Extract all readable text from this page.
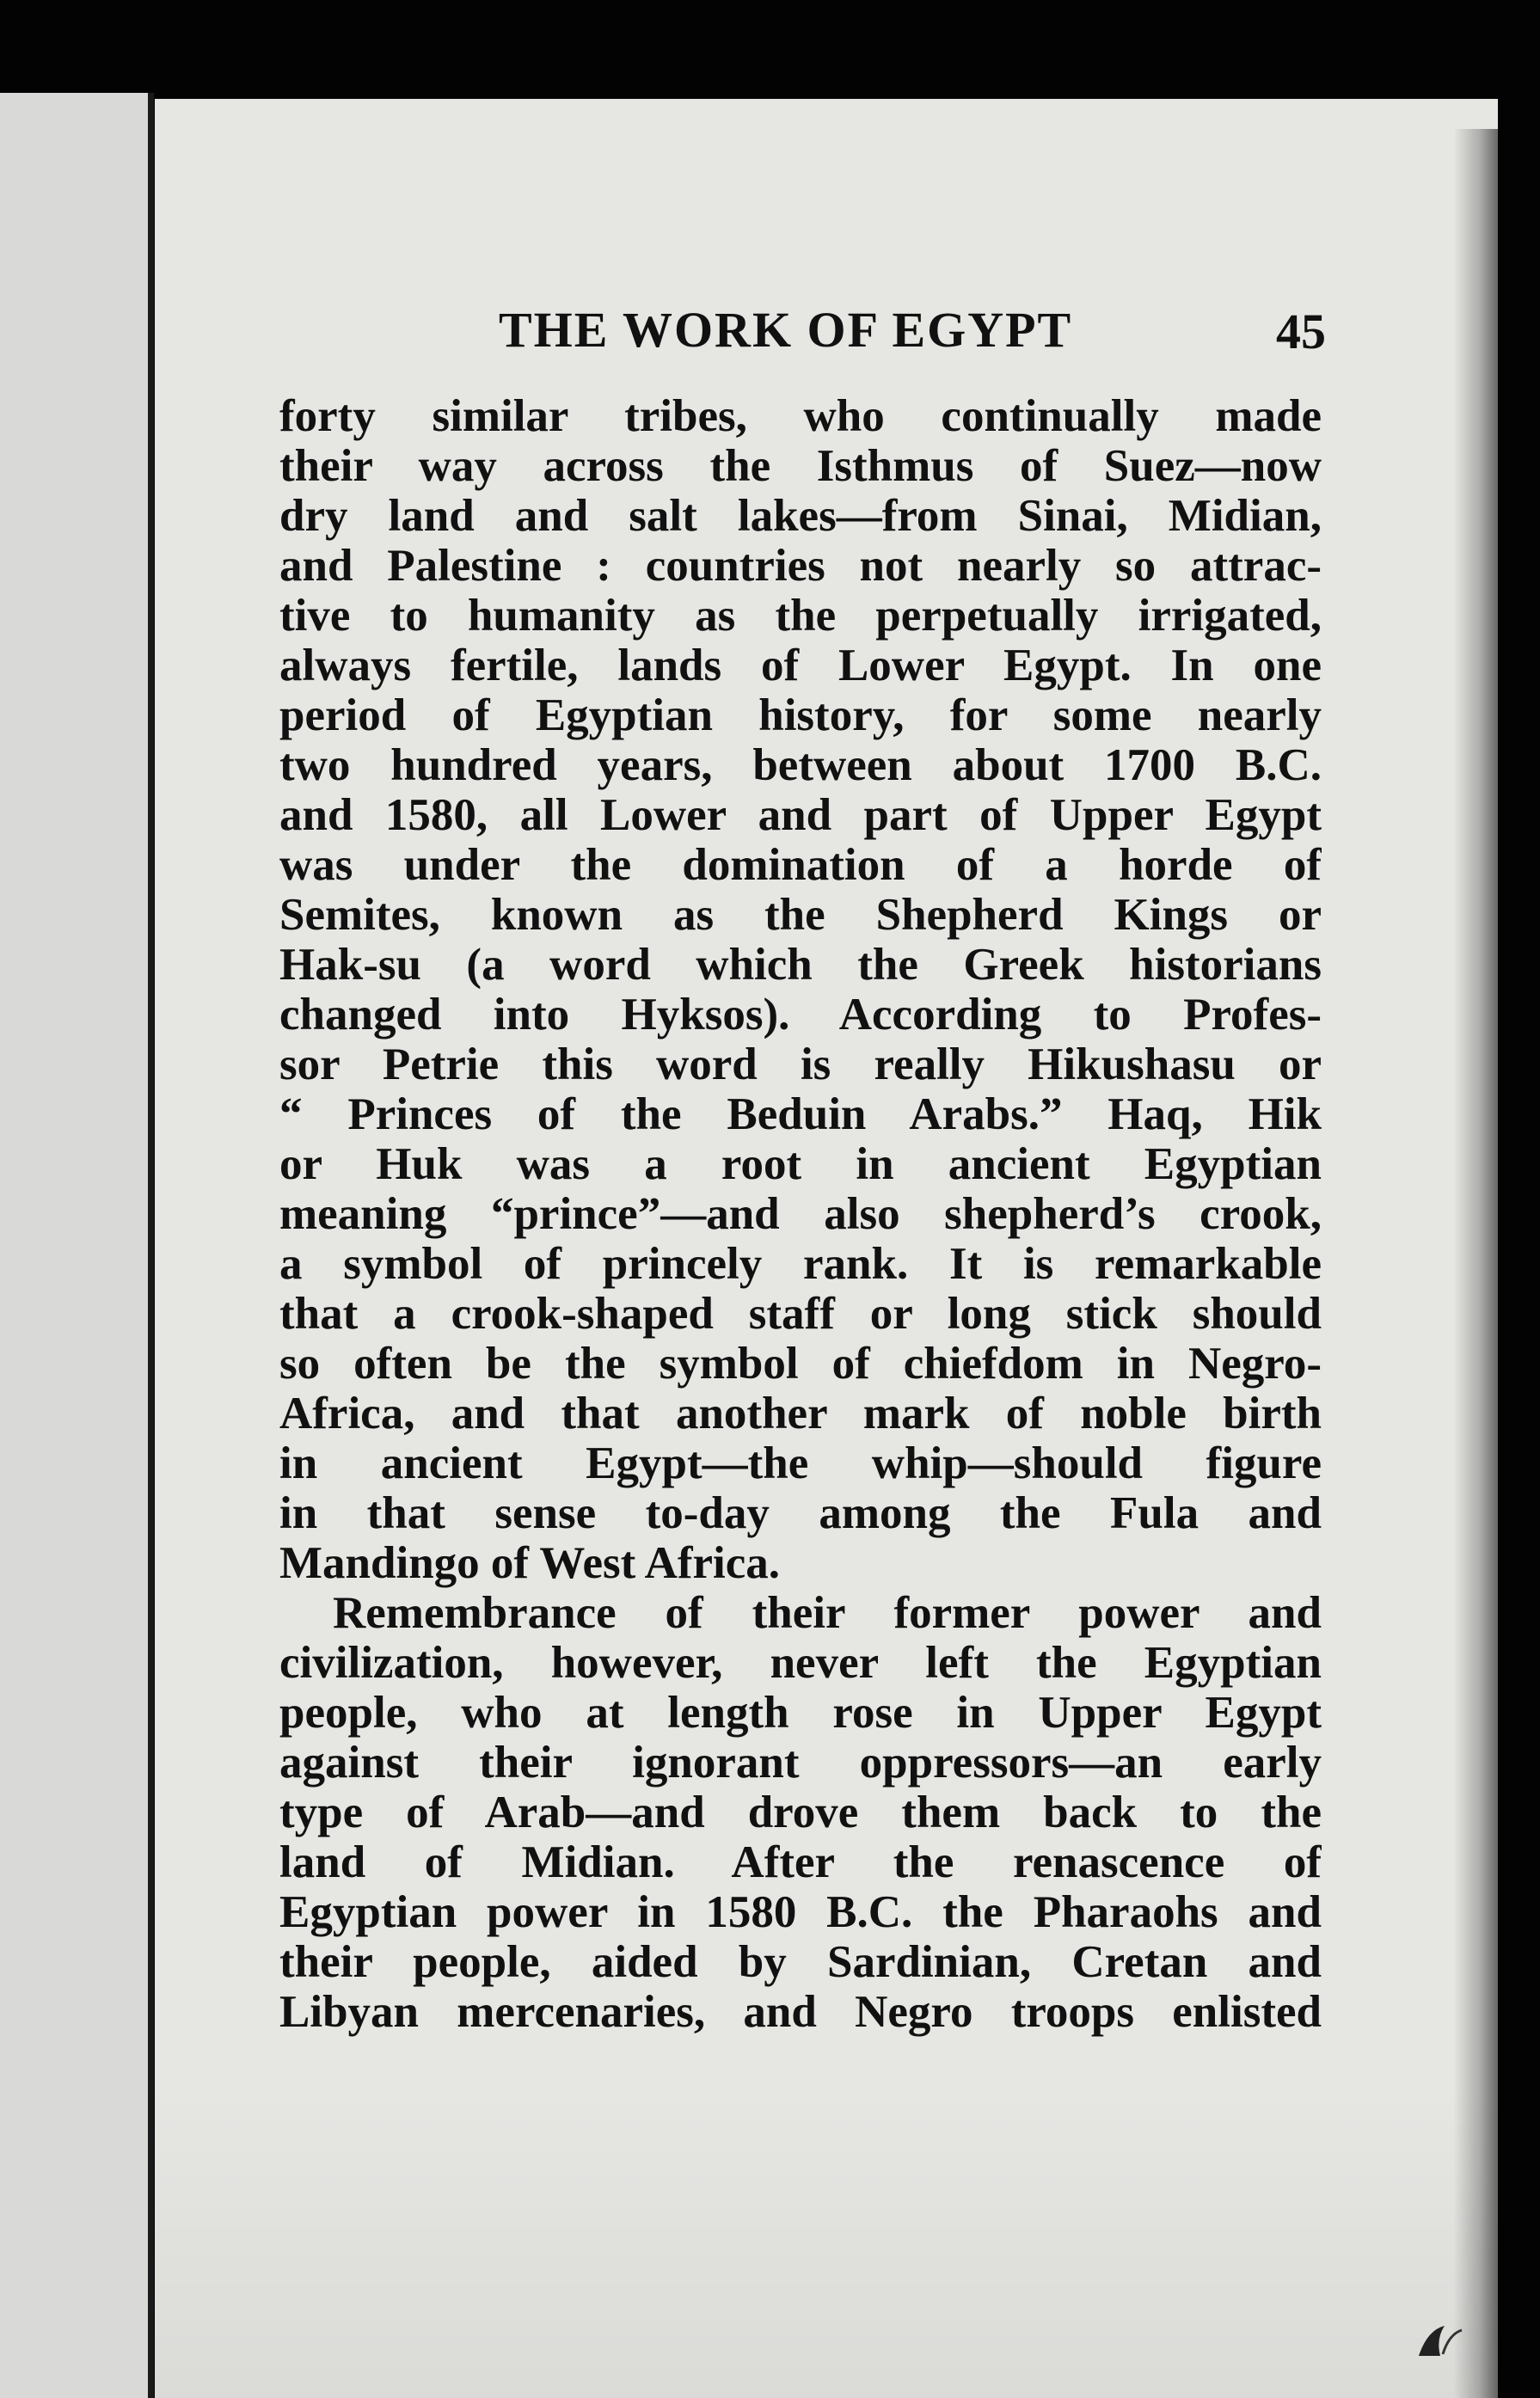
THE WORK OF EGYPT	45
forty similar tribes, who continually made
their way across the Isthmus of Suez—now
dry land and salt lakes—from Sinai, Midian,
and Palestine : countries not nearly so attrac-
tive to humanity as the perpetually irrigated,
always fertile, lands of Lower Egypt. In one
period of Egyptian history, for some nearly
two hundred years, between about 1700 B.C.
and 1580, all Lower and part of Upper Egypt
was under the domination of a horde of
Semites, known as the Shepherd Kings or
Hak-su (a word which the Greek historians
changed into Hyksos). According to Profes-
sor Petrie this word is really Hikushasu or
“ Princes of the Beduin Arabs.” Haq, Hik
or Huk was a root in ancient Egyptian
meaning “prince”—and also shepherd’s crook,
a symbol of princely rank. It is remarkable
that a crook-shaped staff or long stick should
so often be the symbol of chiefdom in Negro-
Africa, and that another mark of noble birth
in ancient Egypt—the whip—should figure
in that sense to-day among the Fula and
Mandingo of West Africa.
Remembrance of their former power and
civilization, however, never left the Egyptian
people, who at length rose in Upper Egypt
against their ignorant oppressors—an early
type of Arab—and drove them back to the
land of Midian. After the renascence of
Egyptian power in 1580 B.C. the Pharaohs and
their people, aided by Sardinian, Cretan and
Libyan mercenaries, and Negro troops enlisted
